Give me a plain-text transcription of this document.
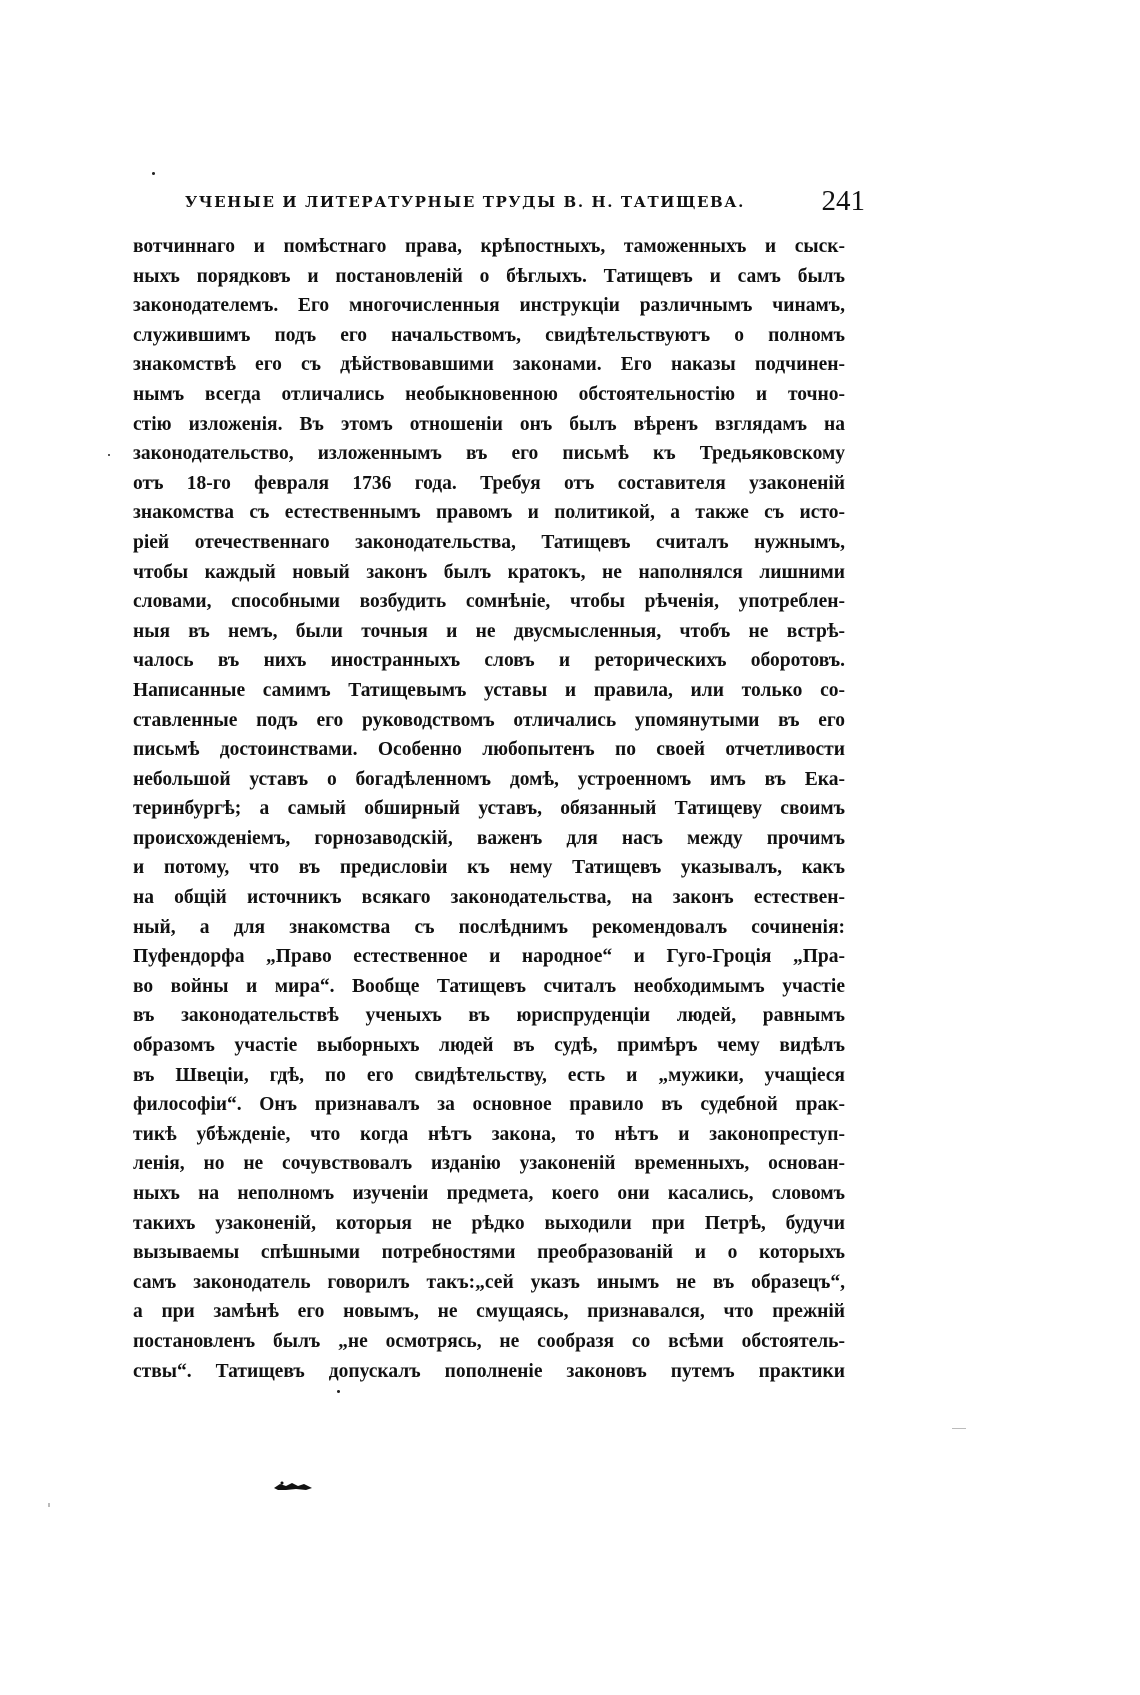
УЧЕНЫЕ И ЛИТЕРАТУРНЫЕ ТРУДЫ В. Н. ТАТИЩЕВА.	241
вотчиннаго и помѣстнаго права, крѣпостныхъ, таможенныхъ и сыск-
ныхъ порядковъ и постановленій о бѣглыхъ. Татищевъ и самъ былъ
законодателемъ. Его многочисленныя инструкціи различнымъ чинамъ,
служившимъ подъ его начальствомъ, свидѣтельствуютъ о полномъ
знакомствѣ его съ дѣйствовавшими законами. Его наказы подчинен-
нымъ всегда отличались необыкновенною обстоятельностію и точно-
стію изложенія. Въ этомъ отношеніи онъ былъ вѣренъ взглядамъ на
законодательство, изложеннымъ въ его письмѣ къ Тредьяковскому
отъ 18-го февраля 1736 года. Требуя отъ составителя узаконеній
знакомства съ естественнымъ правомъ и политикой, а также съ исто-
ріей отечественнаго законодательства, Татищевъ считалъ нужнымъ,
чтобы каждый новый законъ былъ кратокъ, не наполнялся лишними
словами, способными возбудить сомнѣніе, чтобы рѣченія, употреблен-
ныя въ немъ, были точныя и не двусмысленныя, чтобъ не встрѣ-
чалось въ нихъ иностранныхъ словъ и реторическихъ оборотовъ.
Написанные самимъ Татищевымъ уставы и правила, или только со-
ставленные подъ его руководствомъ отличались упомянутыми въ его
письмѣ достоинствами. Особенно любопытенъ по своей отчетливости
небольшой уставъ о богадѣленномъ домѣ, устроенномъ имъ въ Ека-
теринбургѣ; а самый обширный уставъ, обязанный Татищеву своимъ
происхожденіемъ, горнозаводскій, важенъ для насъ между прочимъ
и потому, что въ предисловіи къ нему Татищевъ указывалъ, какъ
на общій источникъ всякаго законодательства, на законъ естествен-
ный, а для знакомства съ послѣднимъ рекомендовалъ сочиненія:
Пуфендорфа „Право естественное и народное“ и Гуго-Гроція „Пра-
во войны и мира“. Вообще Татищевъ считалъ необходимымъ участіе
въ законодательствѣ ученыхъ въ юриспруденціи людей, равнымъ
образомъ участіе выборныхъ людей въ судѣ, примѣръ чему видѣлъ
въ Швеціи, гдѣ, по его свидѣтельству, есть и „мужики, учащіеся
философіи“. Онъ признавалъ за основное правило въ судебной прак-
тикѣ убѣжденіе, что когда нѣтъ закона, то нѣтъ и законопреступ-
ленія, но не сочувствовалъ изданію узаконеній временныхъ, основан-
ныхъ на неполномъ изученіи предмета, коего они касались, словомъ
такихъ узаконеній, которыя не рѣдко выходили при Петрѣ, будучи
вызываемы спѣшными потребностями преобразованій и о которыхъ
самъ законодатель говорилъ такъ:„сей указъ инымъ не въ образецъ“,
а при замѣнѣ его новымъ, не смущаясь, признавался, что прежній
постановленъ былъ „не осмотрясь, не сообразя со всѣми обстоятель-
ствы“. Татищевъ допускалъ пополненіе законовъ путемъ практики
